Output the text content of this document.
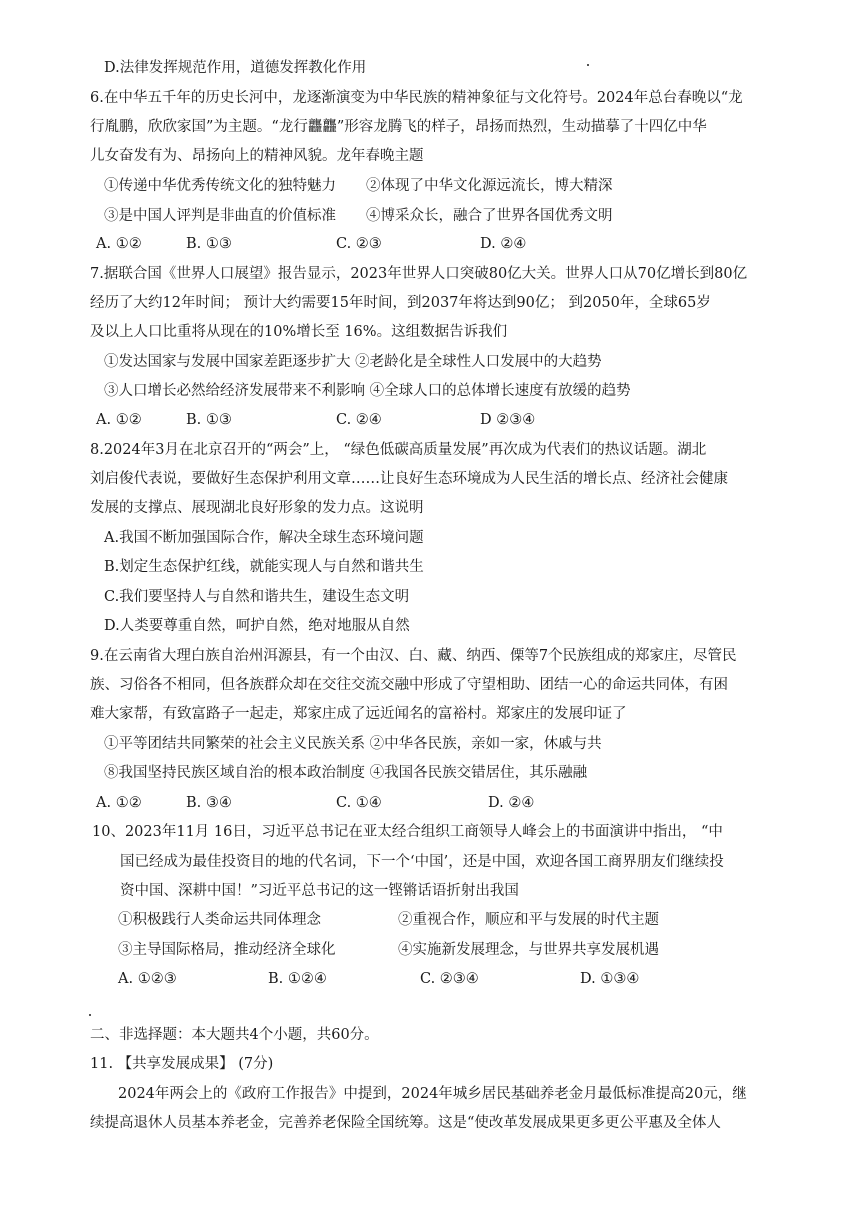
D.法律发挥规范作用，道德发挥教化作用
6.在中华五千年的历史长河中，龙逐渐演变为中华民族的精神象征与文化符号。2024年总台春晚以“龙
行胤鹏，欣欣家国”为主题。“龙行龘龘”形容龙腾飞的样子，昂扬而热烈，生动描摹了十四亿中华
儿女奋发有为、昂扬向上的精神风貌。龙年春晚主题
①传递中华优秀传统文化的独特魅力 ②体现了中华文化源远流长，博大精深
③是中国人评判是非曲直的价值标准 ④博采众长，融合了世界各国优秀文明
A. ①②	B. ①③	C. ②③	D. ②④
7.据联合国《世界人口展望》报告显示，2023年世界人口突破80亿大关。世界人口从70亿增长到80亿
经历了大约12年时间； 预计大约需要15年时间，到2037年将达到90亿； 到2050年，全球65岁
及以上人口比重将从现在的10%增长至 16%。这组数据告诉我们
①发达国家与发展中国家差距逐步扩大 ②老龄化是全球性人口发展中的大趋势
③人口增长必然给经济发展带来不利影响 ④全球人口的总体增长速度有放缓的趋势
A. ①②	B. ①③	C. ②④	D ②③④
8.2024年3月在北京召开的“两会”上， “绿色低碳高质量发展”再次成为代表们的热议话题。湖北
刘启俊代表说，要做好生态保护利用文章……让良好生态环境成为人民生活的增长点、经济社会健康
发展的支撑点、展现湖北良好形象的发力点。这说明
A.我国不断加强国际合作，解决全球生态环境问题
B.划定生态保护红线，就能实现人与自然和谐共生
C.我们要坚持人与自然和谐共生，建设生态文明
D.人类要尊重自然，呵护自然，绝对地服从自然
9.在云南省大理白族自治州洱源县，有一个由汉、白、藏、纳西、傈等7个民族组成的郑家庄，尽管民
族、习俗各不相同，但各族群众却在交往交流交融中形成了守望相助、团结一心的命运共同体，有困
难大家帮，有致富路子一起走，郑家庄成了远近闻名的富裕村。郑家庄的发展印证了
①平等团结共同繁荣的社会主义民族关系 ②中华各民族，亲如一家，休戚与共
⑧我国坚持民族区域自治的根本政治制度 ④我国各民族交错居住，其乐融融
A. ①②	B. ③④	C. ①④	D. ②④
10、2023年11月 16日，习近平总书记在亚太经合组织工商领导人峰会上的书面演讲中指出， “中
国已经成为最佳投资目的地的代名词，下一个‘中国’，还是中国，欢迎各国工商界朋友们继续投
资中国、深耕中国！”习近平总书记的这一铿锵话语折射出我国
①积极践行人类命运共同体理念	②重视合作，顺应和平与发展的时代主题
③主导国际格局，推动经济全球化	④实施新发展理念，与世界共享发展机遇
A. ①②③	B. ①②④	C. ②③④	D. ①③④
二、非选择题：本大题共4个小题，共60分。
11. 【共享发展成果】 (7分)
2024年两会上的《政府工作报告》中提到，2024年城乡居民基础养老金月最低标准提高20元，继
续提高退休人员基本养老金，完善养老保险全国统筹。这是“使改革发展成果更多更公平惠及全体人
